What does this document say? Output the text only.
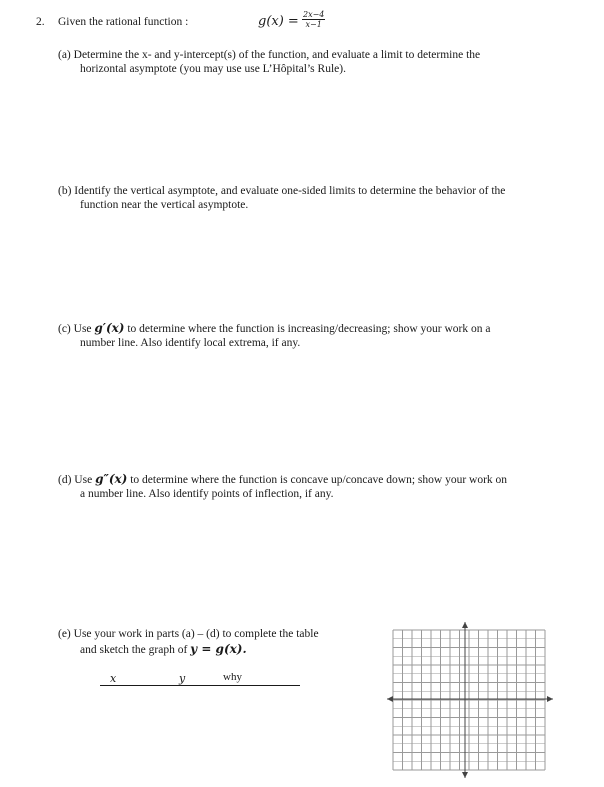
2. Given the rational function :	$g(x) = \frac{2x-4}{x-1}$
(a) Determine the x- and y-intercept(s) of the function, and evaluate a limit to determine the
horizontal asymptote (you may use use L’Hôpital’s Rule).
(b) Identify the vertical asymptote, and evaluate one-sided limits to determine the behavior of the
function near the vertical asymptote.
(c) Use g′(x) to determine where the function is increasing/decreasing; show your work on a
number line. Also identify local extrema, if any.
(d) Use g″(x) to determine where the function is concave up/concave down; show your work on
a number line. Also identify points of inflection, if any.
(e) Use your work in parts (a) – (d) to complete the table
and sketch the graph of y = g(x).
x	y	why
